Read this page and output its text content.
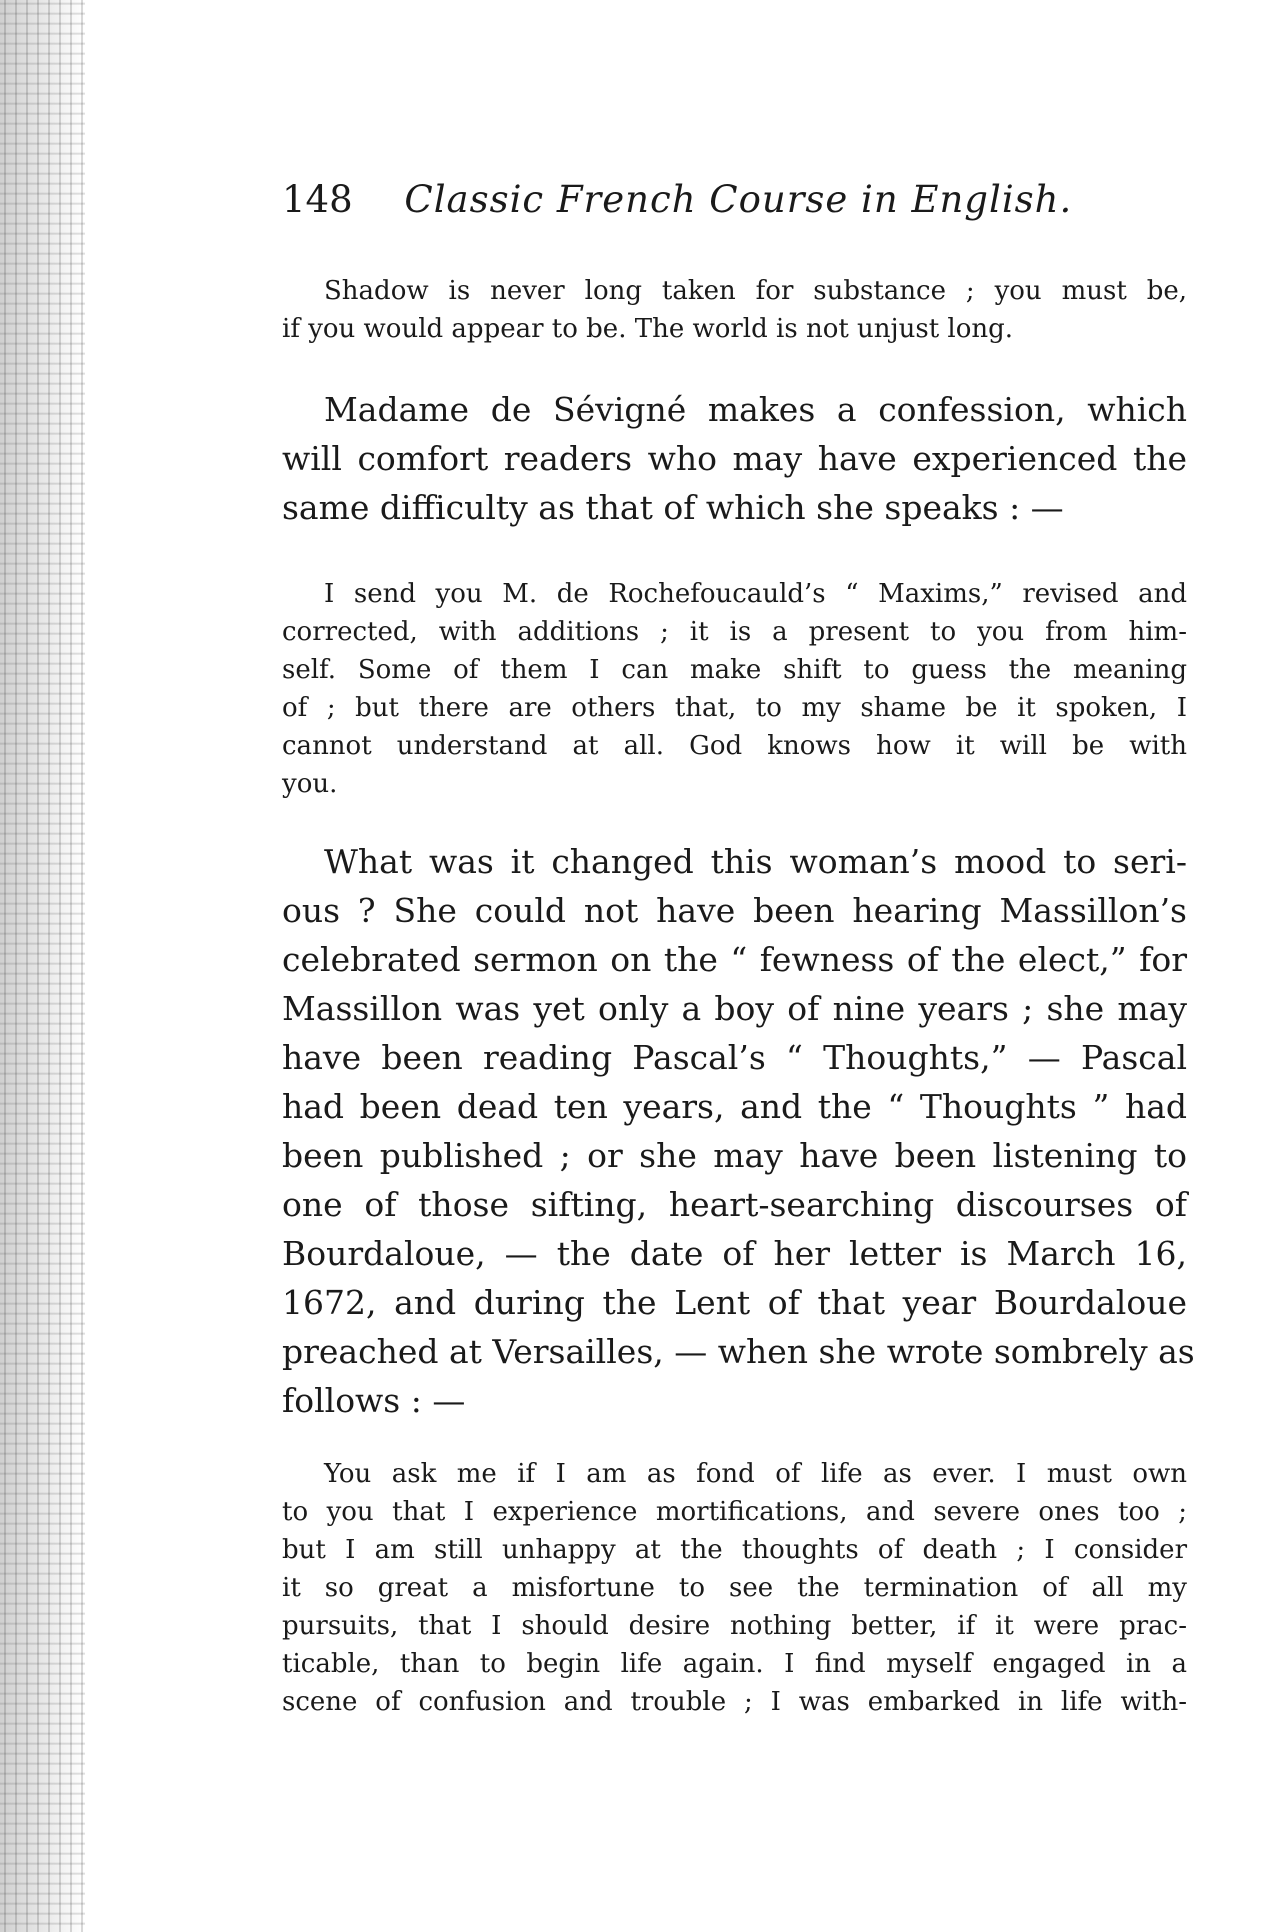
148 Classic French Course in English.
Shadow is never long taken for substance ; you must be,
if you would appear to be. The world is not unjust long.
Madame de Sévigné makes a confession, which
will comfort readers who may have experienced the
same difficulty as that of which she speaks : —
I send you M. de Rochefoucauld’s “ Maxims,” revised and
corrected, with additions ; it is a present to you from him-
self. Some of them I can make shift to guess the meaning
of ; but there are others that, to my shame be it spoken, I
cannot understand at all. God knows how it will be with
you.
What was it changed this woman’s mood to seri-
ous ? She could not have been hearing Massillon’s
celebrated sermon on the “ fewness of the elect,” for
Massillon was yet only a boy of nine years ; she may
have been reading Pascal’s “ Thoughts,” — Pascal
had been dead ten years, and the “ Thoughts ” had
been published ; or she may have been listening to
one of those sifting, heart-searching discourses of
Bourdaloue, — the date of her letter is March 16,
1672, and during the Lent of that year Bourdaloue
preached at Versailles, — when she wrote sombrely as
follows : —
You ask me if I am as fond of life as ever. I must own
to you that I experience mortifications, and severe ones too ;
but I am still unhappy at the thoughts of death ; I consider
it so great a misfortune to see the termination of all my
pursuits, that I should desire nothing better, if it were prac-
ticable, than to begin life again. I find myself engaged in a
scene of confusion and trouble ; I was embarked in life with-
